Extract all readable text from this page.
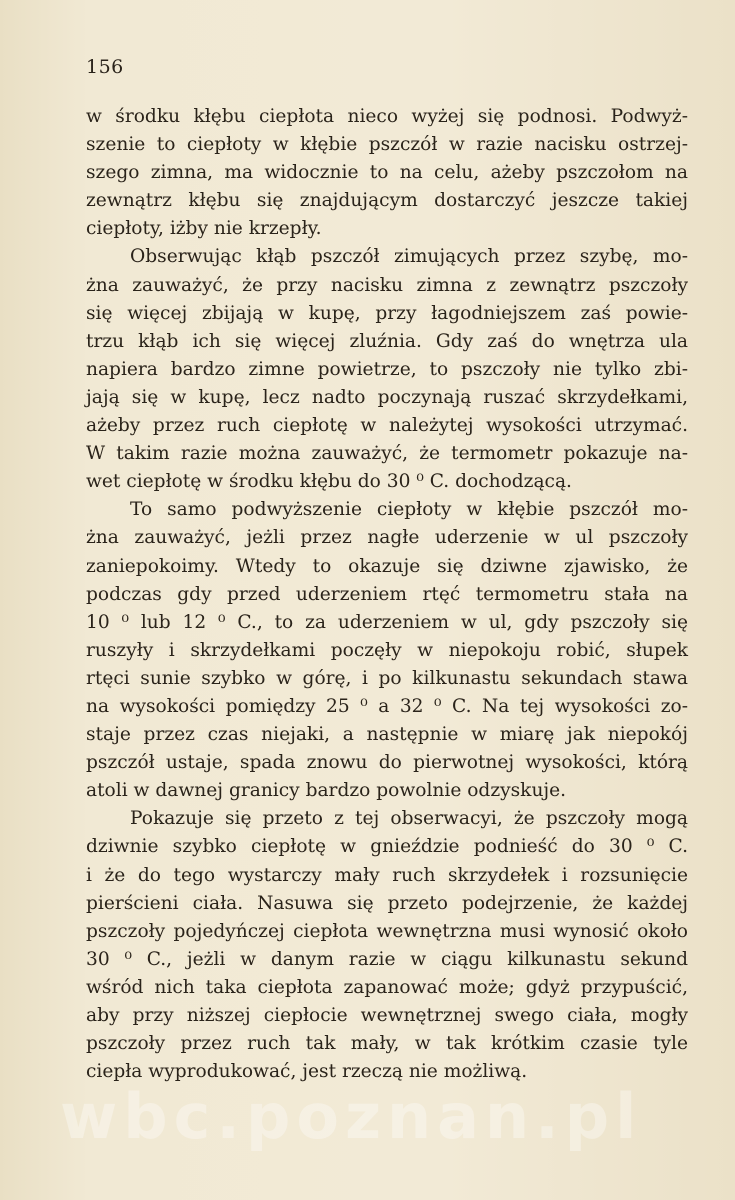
156
w środku kłębu ciepłota nieco wyżej się podnosi. Podwyż-
szenie to ciepłoty w kłębie pszczół w razie nacisku ostrzej-
szego zimna, ma widocznie to na celu, ażeby pszczołom na
zewnątrz kłębu się znajdującym dostarczyć jeszcze takiej
ciepłoty, iżby nie krzepły.
Obserwując kłąb pszczół zimujących przez szybę, mo-
żna zauważyć, że przy nacisku zimna z zewnątrz pszczoły
się więcej zbijają w kupę, przy łagodniejszem zaś powie-
trzu kłąb ich się więcej zluźnia. Gdy zaś do wnętrza ula
napiera bardzo zimne powietrze, to pszczoły nie tylko zbi-
jają się w kupę, lecz nadto poczynają ruszać skrzydełkami,
ażeby przez ruch ciepłotę w należytej wysokości utrzymać.
W takim razie można zauważyć, że termometr pokazuje na-
wet ciepłotę w środku kłębu do 30 ⁰ C. dochodzącą.
To samo podwyższenie ciepłoty w kłębie pszczół mo-
żna zauważyć, jeżli przez nagłe uderzenie w ul pszczoły
zaniepokoimy. Wtedy to okazuje się dziwne zjawisko, że
podczas gdy przed uderzeniem rtęć termometru stała na
10 ⁰ lub 12 ⁰ C., to za uderzeniem w ul, gdy pszczoły się
ruszyły i skrzydełkami poczęły w niepokoju robić, słupek
rtęci sunie szybko w górę, i po kilkunastu sekundach stawa
na wysokości pomiędzy 25 ⁰ a 32 ⁰ C. Na tej wysokości zo-
staje przez czas niejaki, a następnie w miarę jak niepokój
pszczół ustaje, spada znowu do pierwotnej wysokości, którą
atoli w dawnej granicy bardzo powolnie odzyskuje.
Pokazuje się przeto z tej obserwacyi, że pszczoły mogą
dziwnie szybko ciepłotę w gnieździe podnieść do 30 ⁰ C.
i że do tego wystarczy mały ruch skrzydełek i rozsunięcie
pierścieni ciała. Nasuwa się przeto podejrzenie, że każdej
pszczoły pojedyńczej ciepłota wewnętrzna musi wynosić około
30 ⁰ C., jeżli w danym razie w ciągu kilkunastu sekund
wśród nich taka ciepłota zapanować może; gdyż przypuścić,
aby przy niższej ciepłocie wewnętrznej swego ciała, mogły
pszczoły przez ruch tak mały, w tak krótkim czasie tyle
ciepła wyprodukować, jest rzeczą nie możliwą.
wbc.poznan.pl
